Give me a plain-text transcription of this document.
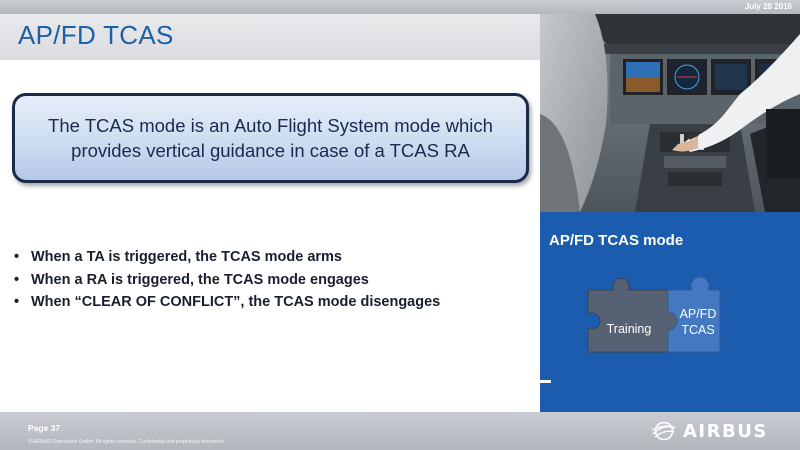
July 28 2016
AP/FD TCAS

The TCAS mode is an Auto Flight System mode which provides vertical guidance in case of a TCAS RA

• When a TA is triggered, the TCAS mode arms
• When a RA is triggered, the TCAS mode engages
• When “CLEAR OF CONFLICT”, the TCAS mode disengages
AP/FD TCAS mode
Training
AP/FD
TCAS
Page 37
© AIRBUS Operations GmbH. All rights reserved. Confidential and proprietary document.
AIRBUS
